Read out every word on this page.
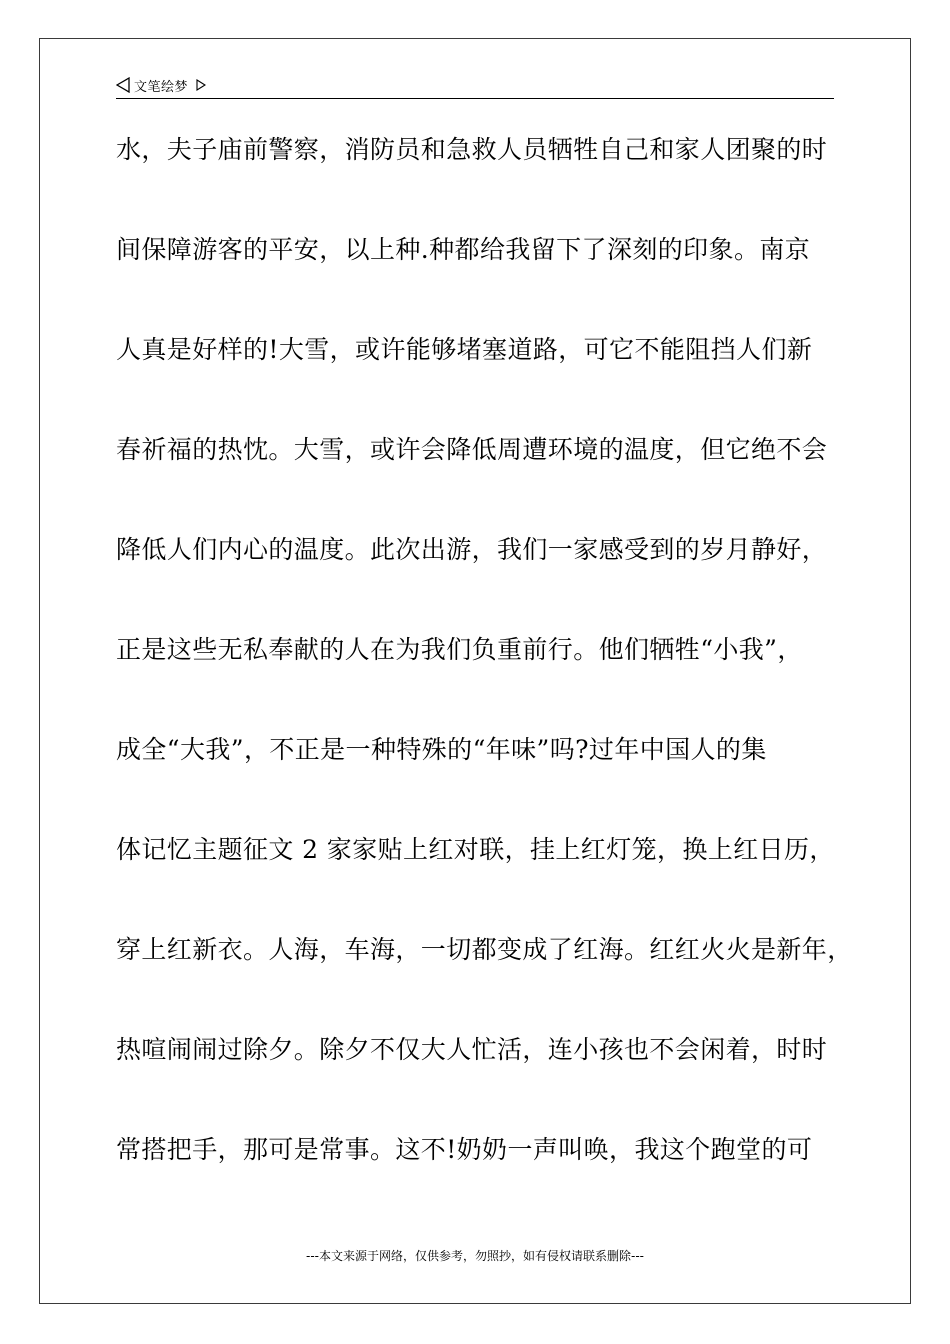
文笔绘梦
水，夫子庙前警察，消防员和急救人员牺牲自己和家人团聚的时
间保障游客的平安，以上种.种都给我留下了深刻的印象。南京
人真是好样的!大雪，或许能够堵塞道路，可它不能阻挡人们新
春祈福的热忱。大雪，或许会降低周遭环境的温度，但它绝不会
降低人们内心的温度。此次出游，我们一家感受到的岁月静好，
正是这些无私奉献的人在为我们负重前行。他们牺牲“小我”，
成全“大我”，不正是一种特殊的“年味”吗?过年中国人的集
体记忆主题征文 2 家家贴上红对联，挂上红灯笼，换上红日历，
穿上红新衣。人海，车海，一切都变成了红海。红红火火是新年，
热喧闹闹过除夕。除夕不仅大人忙活，连小孩也不会闲着，时时
常搭把手，那可是常事。这不!奶奶一声叫唤，我这个跑堂的可
---本文来源于网络，仅供参考，勿照抄，如有侵权请联系删除---
